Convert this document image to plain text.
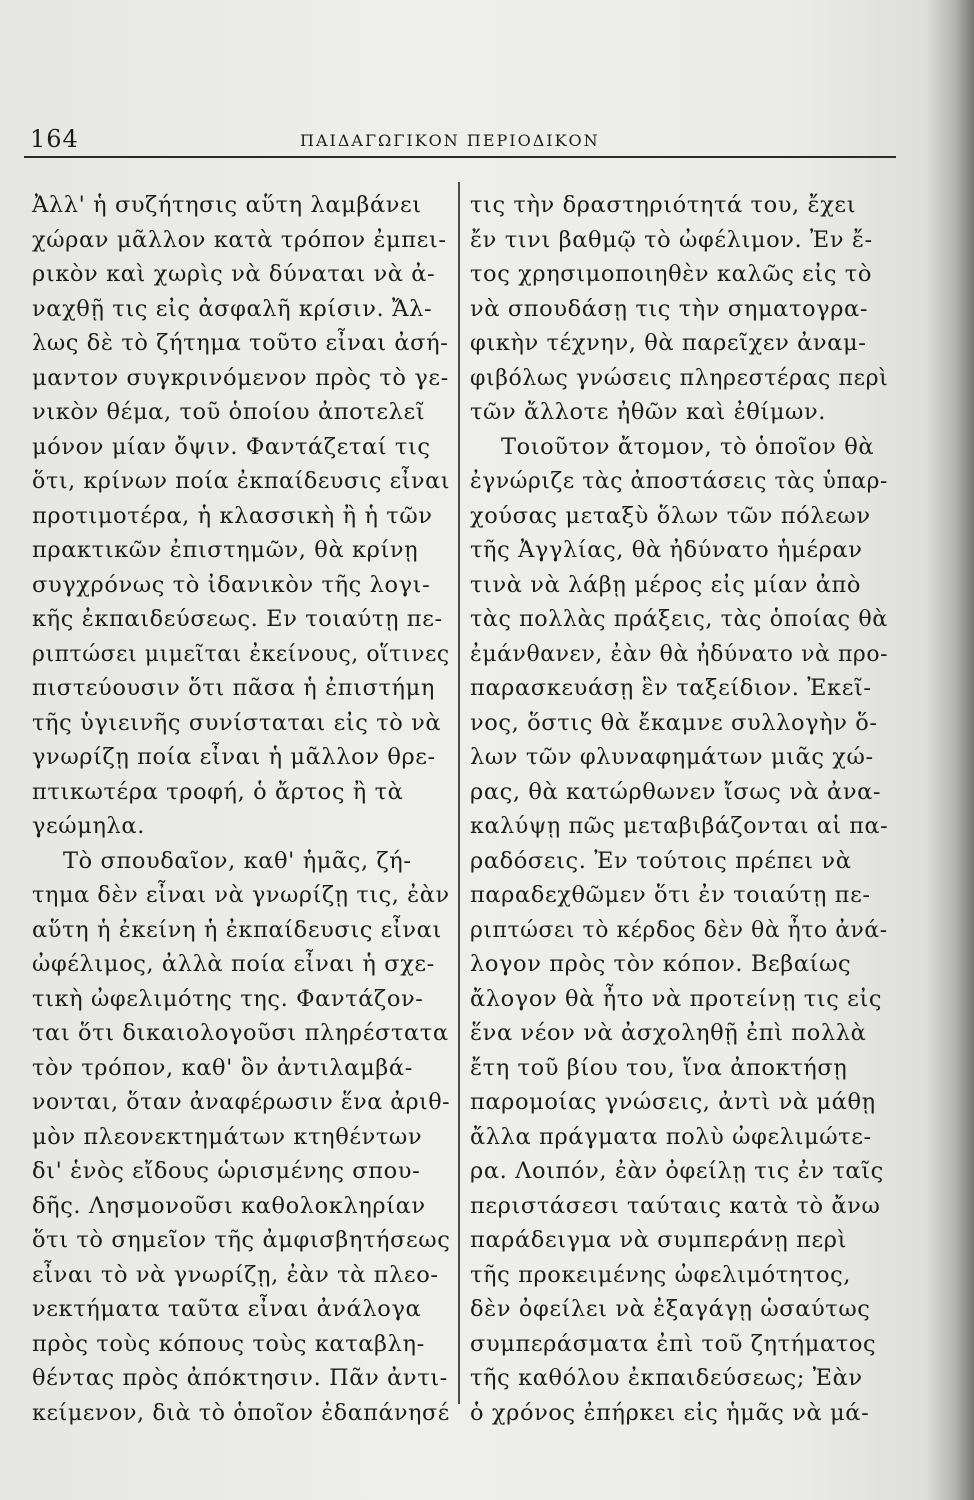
164	ΠΑΙΔΑΓΩΓΙΚΟΝ ΠΕΡΙΟΔΙΚΟΝ
Ἀλλ' ἡ συζήτησις αὕτη λαμβάνει
χώραν μᾶλλον κατὰ τρόπον ἐμπει-
ρικὸν καὶ χωρὶς νὰ δύναται νὰ ἀ-
ναχθῇ τις εἰς ἀσφαλῆ κρίσιν. Ἄλ-
λως δὲ τὸ ζήτημα τοῦτο εἶναι ἀσή-
μαντον συγκρινόμενον πρὸς τὸ γε-
νικὸν θέμα, τοῦ ὁποίου ἀποτελεῖ
μόνον μίαν ὄψιν. Φαντάζεταί τις
ὅτι, κρίνων ποία ἐκπαίδευσις εἶναι
προτιμοτέρα, ἡ κλασσικὴ ἢ ἡ τῶν
πρακτικῶν ἐπιστημῶν, θὰ κρίνῃ
συγχρόνως τὸ ἰδανικὸν τῆς λογι-
κῆς ἐκπαιδεύσεως. Εν τοιαύτῃ πε-
ριπτώσει μιμεῖται ἐκείνους, οἵτινες
πιστεύουσιν ὅτι πᾶσα ἡ ἐπιστήμη
τῆς ὑγιεινῆς συνίσταται εἰς τὸ νὰ
γνωρίζῃ ποία εἶναι ἡ μᾶλλον θρε-
πτικωτέρα τροφή, ὁ ἄρτος ἢ τὰ
γεώμηλα.
Τὸ σπουδαῖον, καθ' ἡμᾶς, ζή-
τημα δὲν εἶναι νὰ γνωρίζῃ τις, ἐὰν
αὕτη ἡ ἐκείνη ἡ ἐκπαίδευσις εἶναι
ὠφέλιμος, ἀλλὰ ποία εἶναι ἡ σχε-
τικὴ ὠφελιμότης της. Φαντάζον-
ται ὅτι δικαιολογοῦσι πληρέστατα
τὸν τρόπον, καθ' ὃν ἀντιλαμβά-
νονται, ὅταν ἀναφέρωσιν ἕνα ἀριθ-
μὸν πλεονεκτημάτων κτηθέντων
δι' ἑνὸς εἴδους ὡρισμένης σπου-
δῆς. Λησμονοῦσι καθολοκληρίαν
ὅτι τὸ σημεῖον τῆς ἀμφισβητήσεως
εἶναι τὸ νὰ γνωρίζῃ, ἐὰν τὰ πλεο-
νεκτήματα ταῦτα εἶναι ἀνάλογα
πρὸς τοὺς κόπους τοὺς καταβλη-
θέντας πρὸς ἀπόκτησιν. Πᾶν ἀντι-
κείμενον, διὰ τὸ ὁποῖον ἐδαπάνησέ
τις τὴν δραστηριότητά του, ἔχει
ἔν τινι βαθμῷ τὸ ὠφέλιμον. Ἐν ἔ-
τος χρησιμοποιηθὲν καλῶς εἰς τὸ
νὰ σπουδάσῃ τις τὴν σηματογρα-
φικὴν τέχνην, θὰ παρεῖχεν ἀναμ-
φιβόλως γνώσεις πληρεστέρας περὶ
τῶν ἄλλοτε ἠθῶν καὶ ἐθίμων.
Τοιοῦτον ἄτομον, τὸ ὁποῖον θὰ
ἐγνώριζε τὰς ἀποστάσεις τὰς ὑπαρ-
χούσας μεταξὺ ὅλων τῶν πόλεων
τῆς Ἀγγλίας, θὰ ἠδύνατο ἡμέραν
τινὰ νὰ λάβῃ μέρος εἰς μίαν ἀπὸ
τὰς πολλὰς πράξεις, τὰς ὁποίας θὰ
ἐμάνθανεν, ἐὰν θὰ ἠδύνατο νὰ προ-
παρασκευάσῃ ἓν ταξείδιον. Ἐκεῖ-
νος, ὅστις θὰ ἔκαμνε συλλογὴν ὅ-
λων τῶν φλυναφημάτων μιᾶς χώ-
ρας, θὰ κατώρθωνεν ἴσως νὰ ἀνα-
καλύψῃ πῶς μεταβιβάζονται αἱ πα-
ραδόσεις. Ἐν τούτοις πρέπει νὰ
παραδεχθῶμεν ὅτι ἐν τοιαύτῃ πε-
ριπτώσει τὸ κέρδος δὲν θὰ ἦτο ἀνά-
λογον πρὸς τὸν κόπον. Βεβαίως
ἄλογον θὰ ἦτο νὰ προτείνῃ τις εἰς
ἕνα νέον νὰ ἀσχοληθῇ ἐπὶ πολλὰ
ἔτη τοῦ βίου του, ἵνα ἀποκτήσῃ
παρομοίας γνώσεις, ἀντὶ νὰ μάθῃ
ἄλλα πράγματα πολὺ ὠφελιμώτε-
ρα. Λοιπόν, ἐὰν ὀφείλῃ τις ἐν ταῖς
περιστάσεσι ταύταις κατὰ τὸ ἄνω
παράδειγμα νὰ συμπεράνῃ περὶ
τῆς προκειμένης ὠφελιμότητος,
δὲν ὀφείλει νὰ ἐξαγάγῃ ὡσαύτως
συμπεράσματα ἐπὶ τοῦ ζητήματος
τῆς καθόλου ἐκπαιδεύσεως; Ἐὰν
ὁ χρόνος ἐπήρκει εἰς ἡμᾶς νὰ μά-
